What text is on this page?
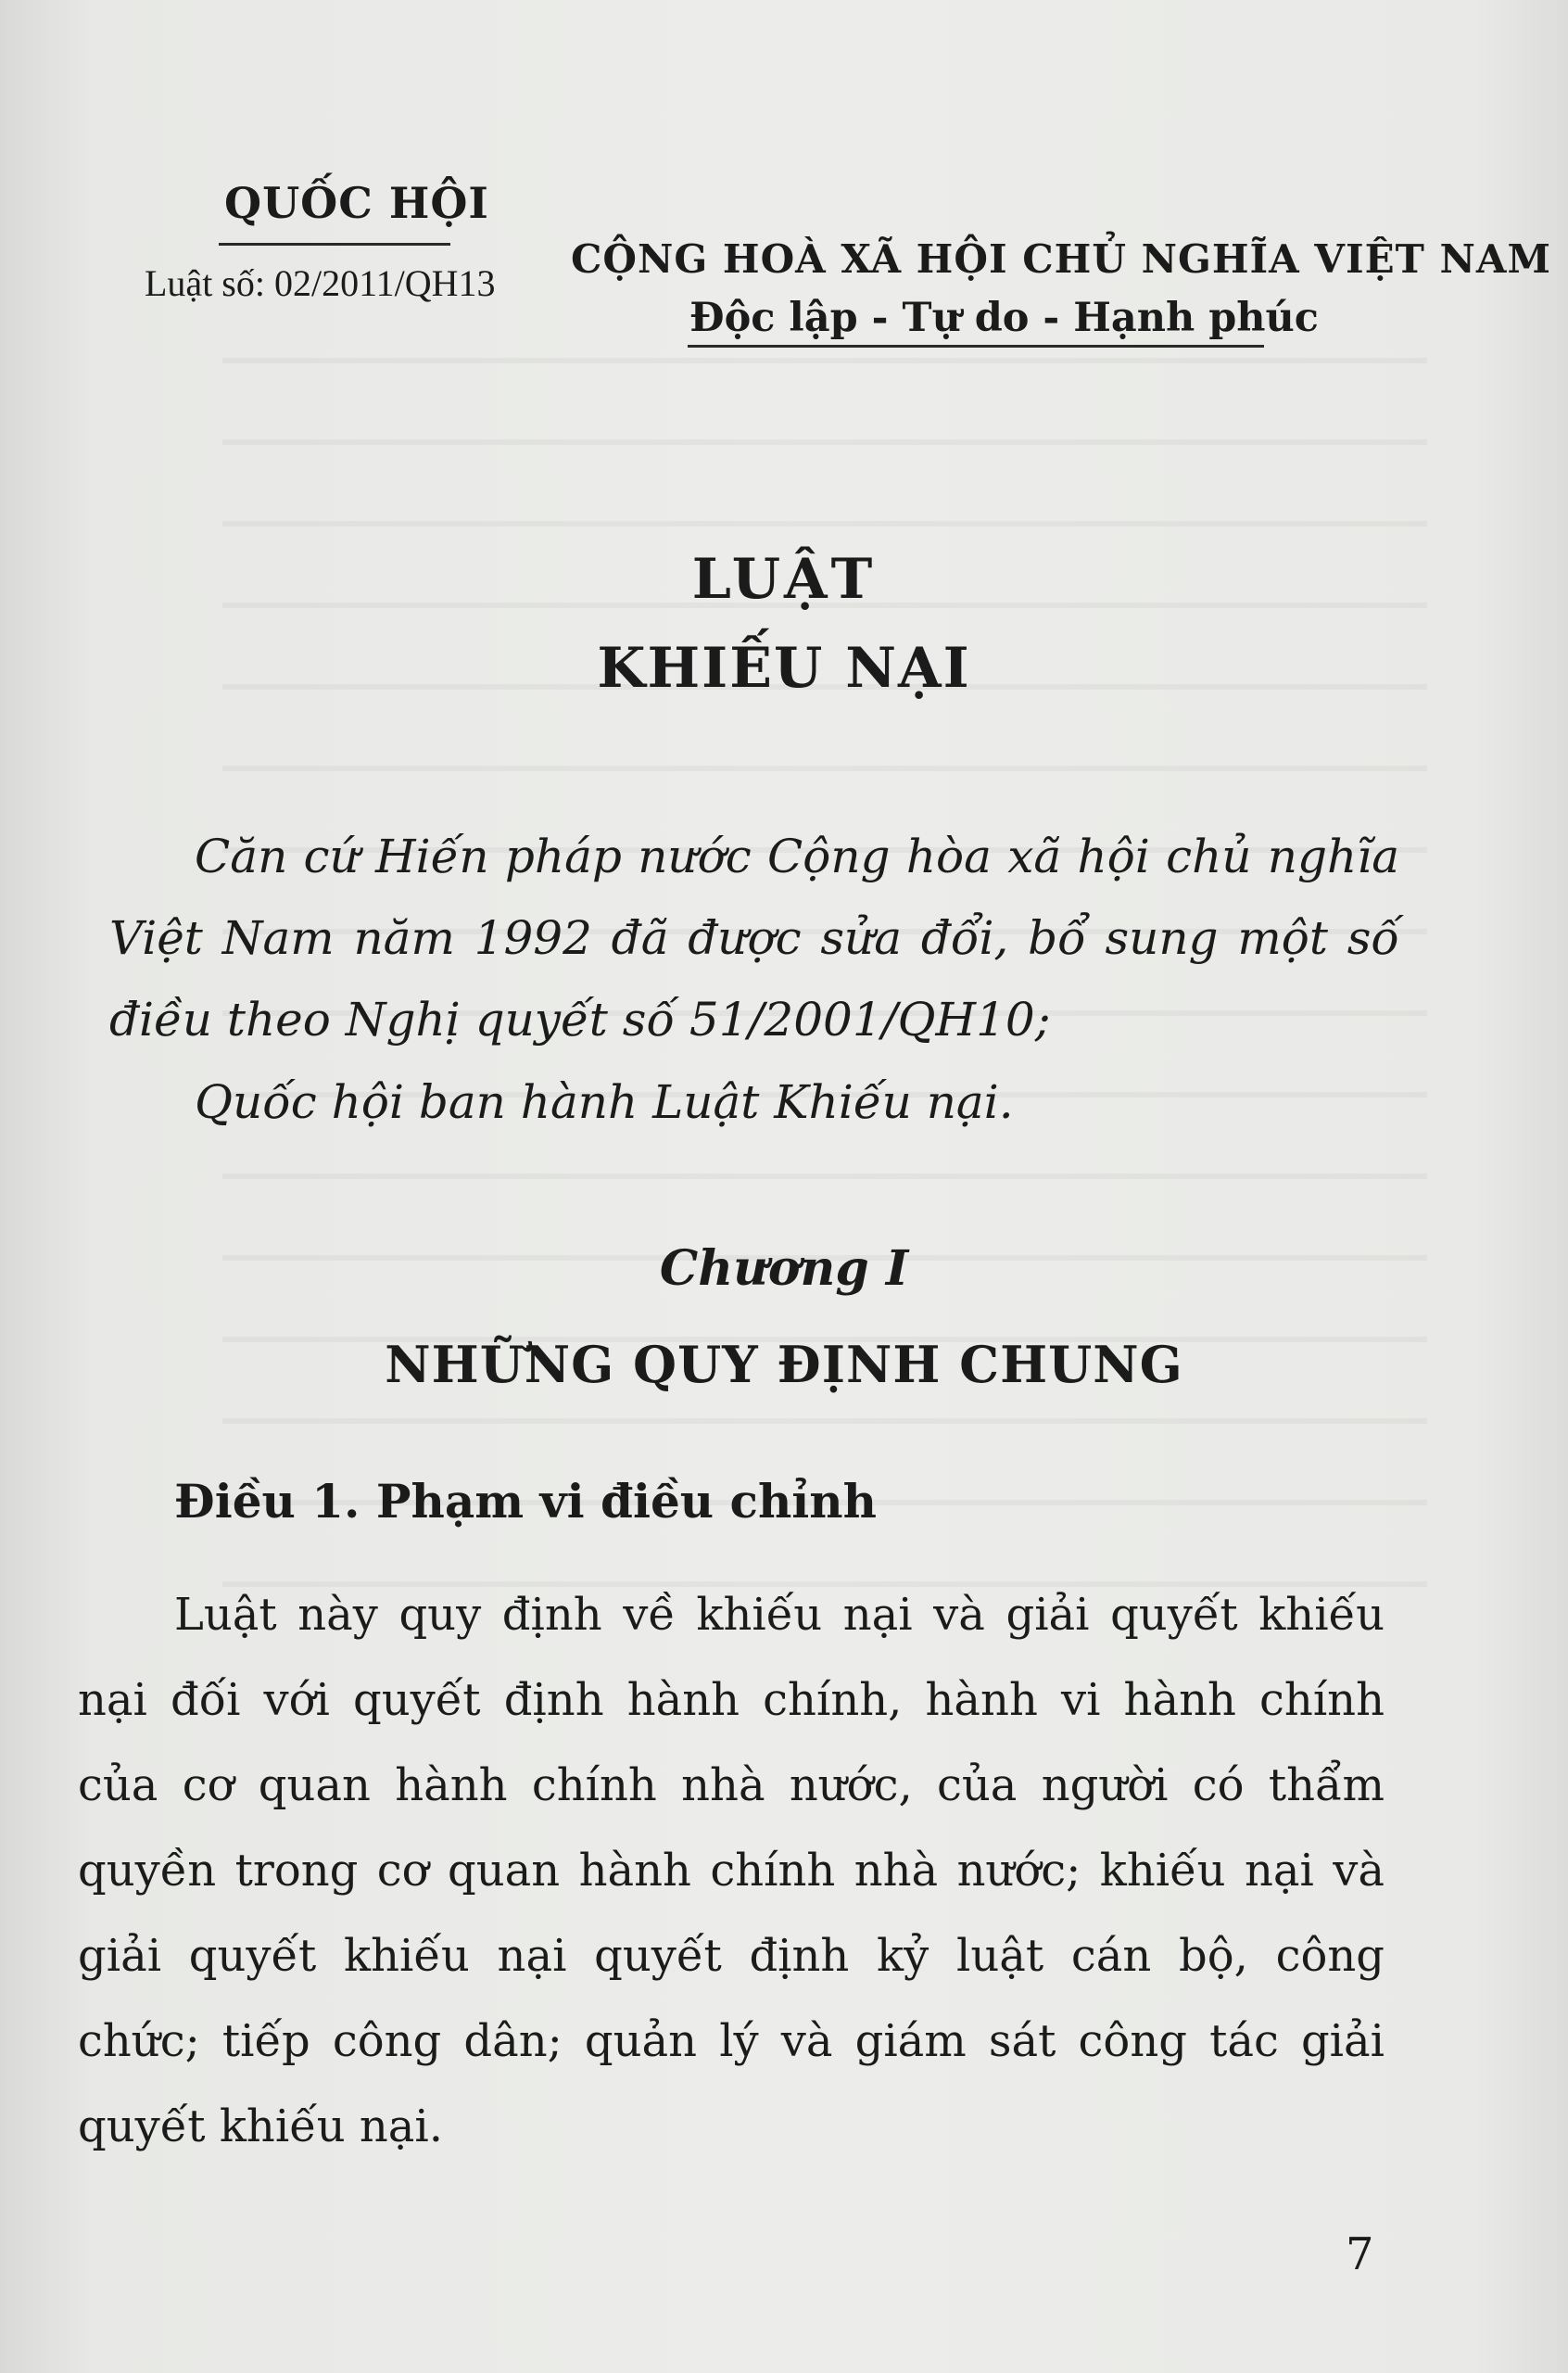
QUỐC HỘI
Luật số: 02/2011/QH13
CỘNG HOÀ XÃ HỘI CHỦ NGHĨA VIỆT NAM
Độc lập - Tự do - Hạnh phúc
LUẬT
KHIẾU NẠI

Căn cứ Hiến pháp nước Cộng hòa xã hội chủ nghĩa Việt Nam năm 1992 đã được sửa đổi, bổ sung một số điều theo Nghị quyết số 51/2001/QH10;

Quốc hội ban hành Luật Khiếu nại.
Chương I
NHỮNG QUY ĐỊNH CHUNG
Điều 1. Phạm vi điều chỉnh

Luật này quy định về khiếu nại và giải quyết khiếu nại đối với quyết định hành chính, hành vi hành chính của cơ quan hành chính nhà nước, của người có thẩm quyền trong cơ quan hành chính nhà nước; khiếu nại và giải quyết khiếu nại quyết định kỷ luật cán bộ, công chức; tiếp công dân; quản lý và giám sát công tác giải quyết khiếu nại.

7
